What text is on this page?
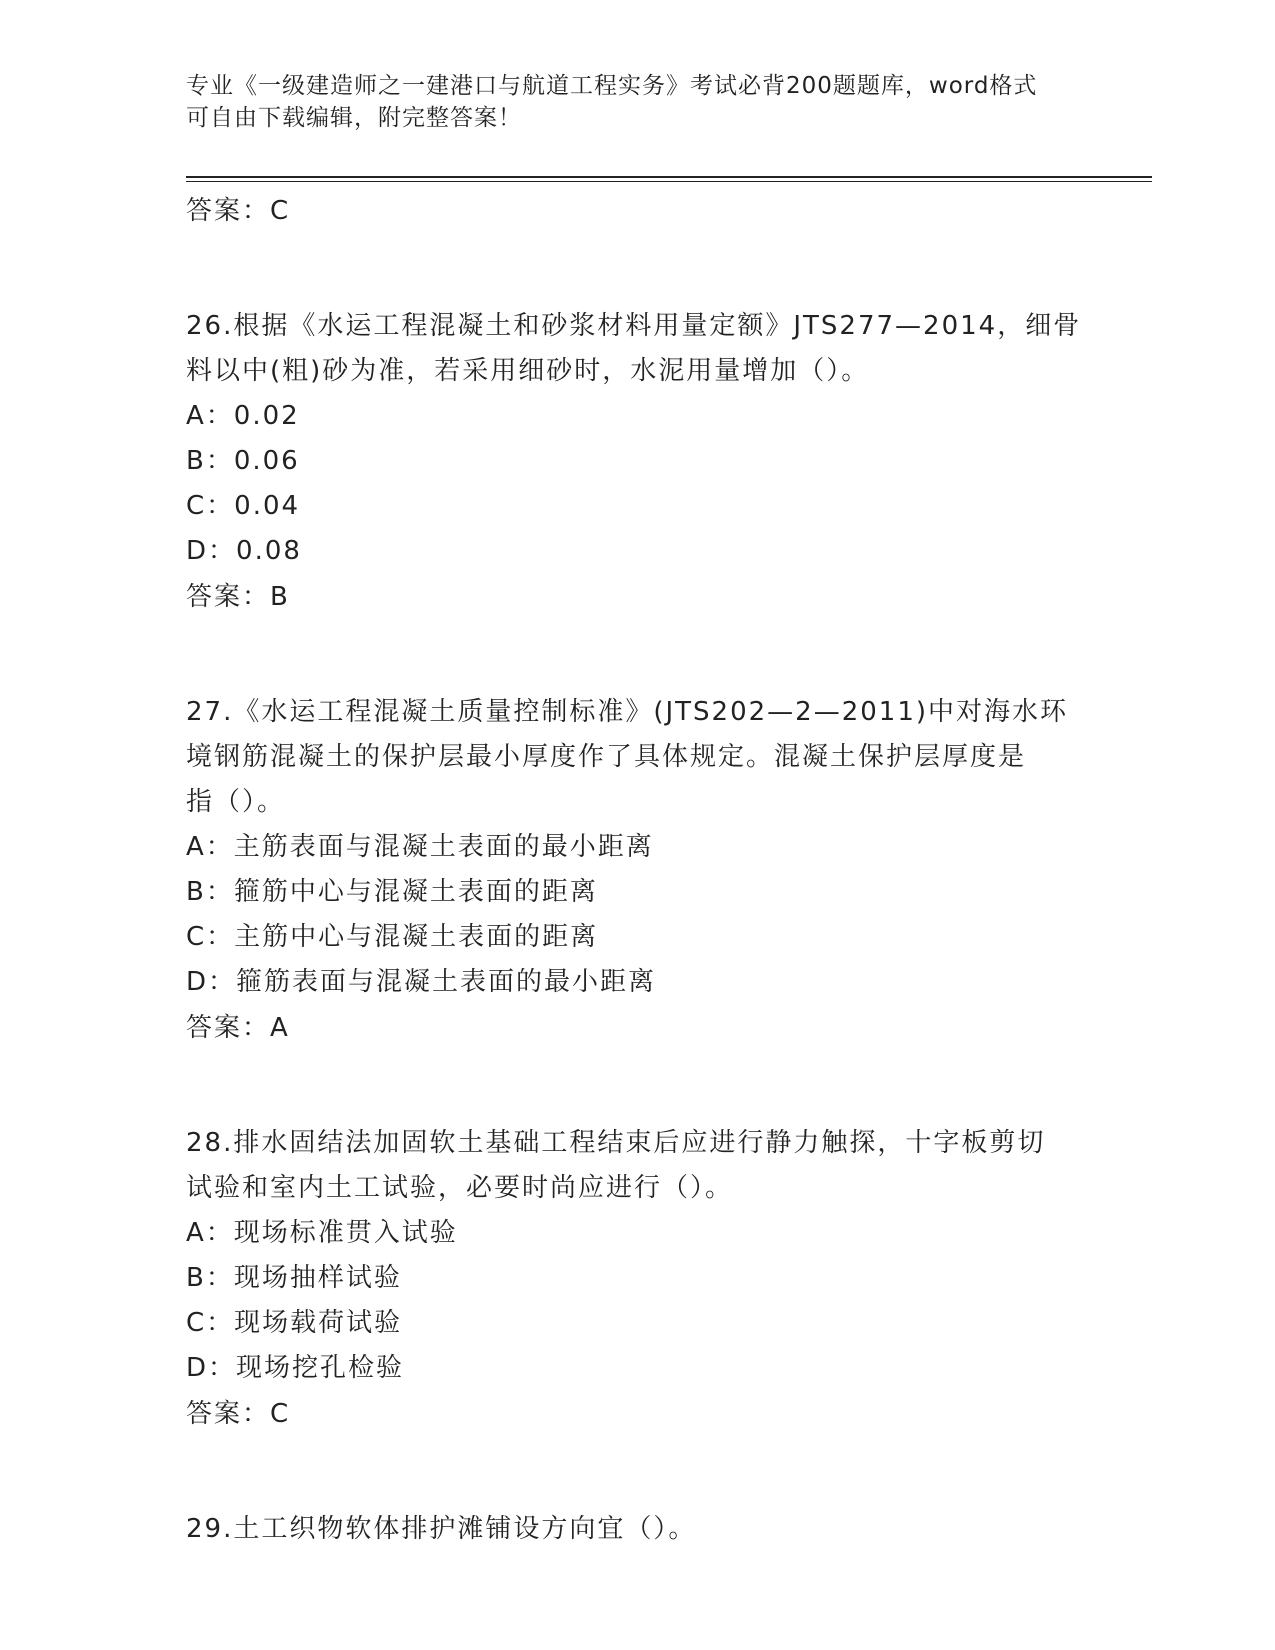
专业《一级建造师之一建港口与航道工程实务》考试必背200题题库，word格式
可自由下载编辑，附完整答案！
答案：C
26.根据《水运工程混凝土和砂浆材料用量定额》JTS277—2014，细骨
料以中(粗)砂为准，若采用细砂时，水泥用量增加（）。
A：0.02
B：0.06
C：0.04
D：0.08
答案：B
27.《水运工程混凝土质量控制标准》(JTS202—2—2011)中对海水环
境钢筋混凝土的保护层最小厚度作了具体规定。混凝土保护层厚度是
指（）。
A：主筋表面与混凝土表面的最小距离
B：箍筋中心与混凝土表面的距离
C：主筋中心与混凝土表面的距离
D：箍筋表面与混凝土表面的最小距离
答案：A
28.排水固结法加固软土基础工程结束后应进行静力触探，十字板剪切
试验和室内土工试验，必要时尚应进行（）。
A：现场标准贯入试验
B：现场抽样试验
C：现场载荷试验
D：现场挖孔检验
答案：C
29.土工织物软体排护滩铺设方向宜（）。
